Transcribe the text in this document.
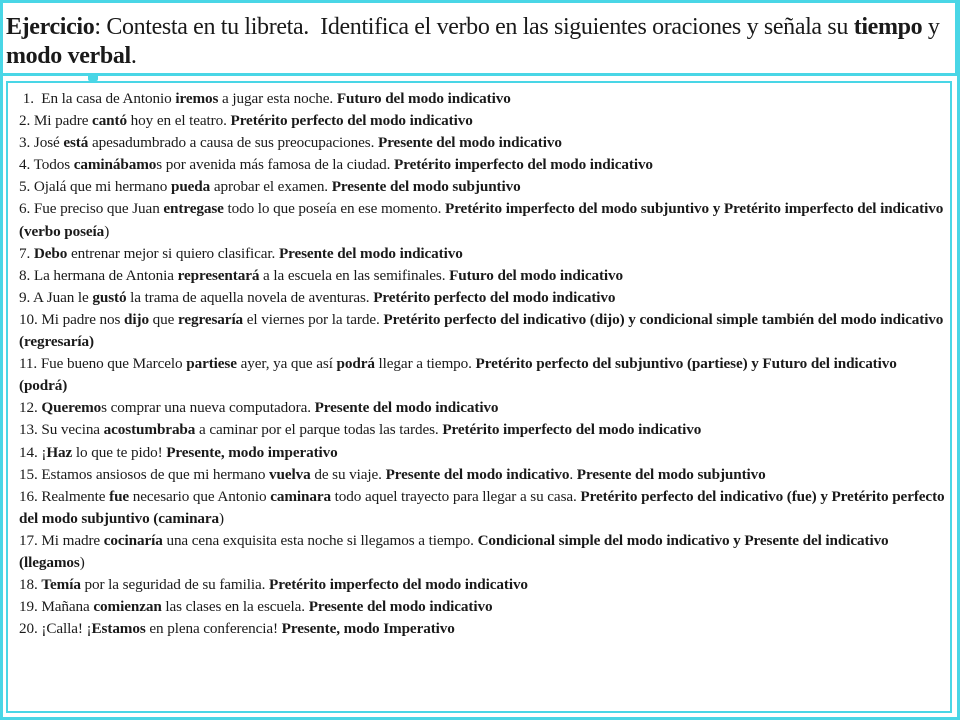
Ejercicio: Contesta en tu libreta.  Identifica el verbo en las siguientes oraciones y señala su tiempo y modo verbal.
1.  En la casa de Antonio iremos a jugar esta noche. Futuro del modo indicativo
2. Mi padre cantó hoy en el teatro. Pretérito perfecto del modo indicativo
3. José está apesadumbrado a causa de sus preocupaciones. Presente del modo indicativo
4. Todos caminábamos por avenida más famosa de la ciudad. Pretérito imperfecto del modo indicativo
5. Ojalá que mi hermano pueda aprobar el examen. Presente del modo subjuntivo
6. Fue preciso que Juan entregase todo lo que poseía en ese momento. Pretérito imperfecto del modo subjuntivo y Pretérito imperfecto del indicativo (verbo poseía)
7. Debo entrenar mejor si quiero clasificar. Presente del modo indicativo
8. La hermana de Antonia representará a la escuela en las semifinales. Futuro del modo indicativo
9. A Juan le gustó la trama de aquella novela de aventuras. Pretérito perfecto del modo indicativo
10. Mi padre nos dijo que regresaría el viernes por la tarde. Pretérito perfecto del indicativo (dijo) y condicional simple también del modo indicativo (regresaría)
11. Fue bueno que Marcelo partiese ayer, ya que así podrá llegar a tiempo. Pretérito perfecto del subjuntivo (partiese) y Futuro del indicativo (podrá)
12. Queremos comprar una nueva computadora. Presente del modo indicativo
13. Su vecina acostumbraba a caminar por el parque todas las tardes. Pretérito imperfecto del modo indicativo
14. ¡Haz lo que te pido! Presente, modo imperativo
15. Estamos ansiosos de que mi hermano vuelva de su viaje. Presente del modo indicativo. Presente del modo subjuntivo
16. Realmente fue necesario que Antonio caminara todo aquel trayecto para llegar a su casa. Pretérito perfecto del indicativo (fue) y Pretérito perfecto del modo subjuntivo (caminara)
17. Mi madre cocinaría una cena exquisita esta noche si llegamos a tiempo. Condicional simple del modo indicativo y Presente del indicativo  (llegamos)
18. Temía por la seguridad de su familia. Pretérito imperfecto del modo indicativo
19. Mañana comienzan las clases en la escuela. Presente del modo indicativo
20. ¡Calla! ¡Estamos en plena conferencia! Presente, modo Imperativo
